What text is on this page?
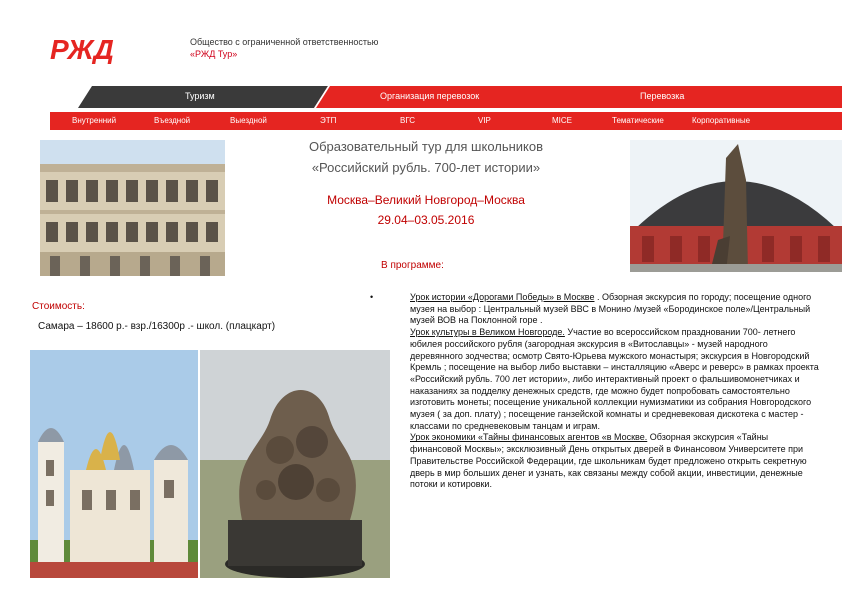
РЖД	Общество с ограниченной ответственностью
«РЖД Тур»
Туризм	Организация перевозок	Перевозка
Внутренний	Въездной	Выездной	ЭТП	ВГС	VIP	MICE	Тематические	Корпоративные
Образовательный тур для школьников
«Российский рубль. 700-лет истории»
Москва–Великий Новгород–Москва
29.04–03.05.2016
В программе:
Стоимость:
Самара – 18600 р.- взр./16300р .- школ. (плацкарт)
•	Урок истории «Дорогами Победы» в Москве . Обзорная экскурсия по городу; посещение одного музея на выбор : Центральный музей ВВС в Монино /музей «Бородинское поле»/Центральный музей ВОВ на Поклонной горе .

Урок культуры в Великом Новгороде. Участие во всероссийском праздновании 700- летнего юбилея российского рубля (загородная экскурсия в «Витославцы» - музей народного деревянного зодчества; осмотр Свято-Юрьева мужского монастыря; экскурсия в Новгородский Кремль ; посещение на выбор либо выставки – инсталляцию «Аверс и реверс» в рамках проекта «Российский рубль. 700 лет истории», либо интерактивный проект о фальшивомонетчиках и наказаниях за подделку денежных средств, где можно будет попробовать самостоятельно изготовить монеты; посещение уникальной коллекции нумизматики из собрания Новгородского музея ( за доп. плату) ; посещение ганзейской комнаты и средневековая дискотека с мастер - классами по средневековым танцам и играм.

Урок экономики «Тайны финансовых агентов «в Москве. Обзорная экскурсия «Тайны финансовой Москвы»; эксклюзивный День открытых дверей в Финансовом Университете при Правительстве Российской Федерации, где школьникам будет предложено открыть секретную дверь в мир больших денег и узнать, как связаны между собой акции, инвестиции, денежные потоки и котировки.
